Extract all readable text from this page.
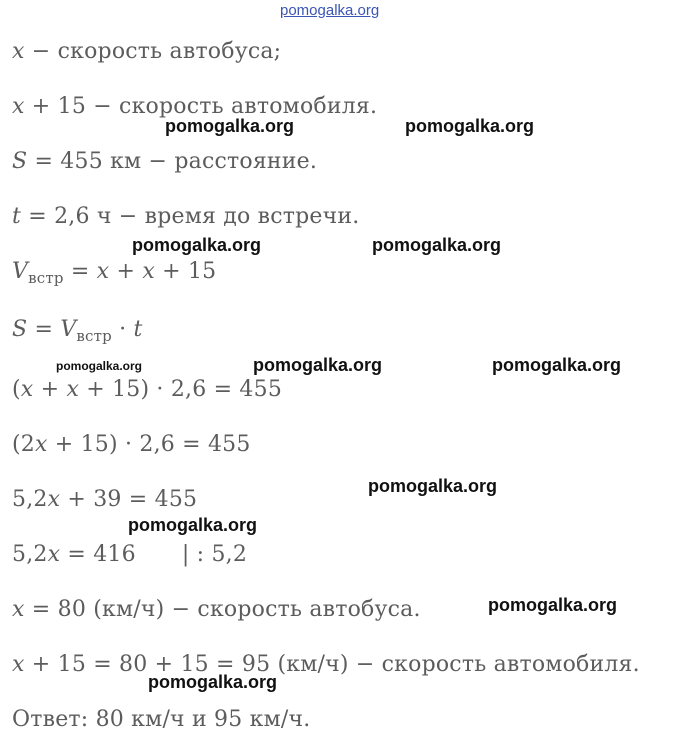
pomogalka.org
x − скорость автобуса;
x + 15 − скорость автомобиля.
S = 455 км − расстояние.
t = 2,6 ч − время до встречи.
$V_{встр} = x + x + 15$
$S = V_{встр} \cdot t$
(x + x + 15) · 2,6 = 455
(2x + 15) · 2,6 = 455
5,2x + 39 = 455
5,2x = 416 | : 5,2
x = 80 (км/ч) − скорость автобуса.
x + 15 = 80 + 15 = 95 (км/ч) − скорость автомобиля.
Ответ: 80 км/ч и 95 км/ч.
pomogalka.org	pomogalka.org
pomogalka.org	pomogalka.org
pomogalka.org	pomogalka.org	pomogalka.org
pomogalka.org
pomogalka.org
pomogalka.org
pomogalka.org
